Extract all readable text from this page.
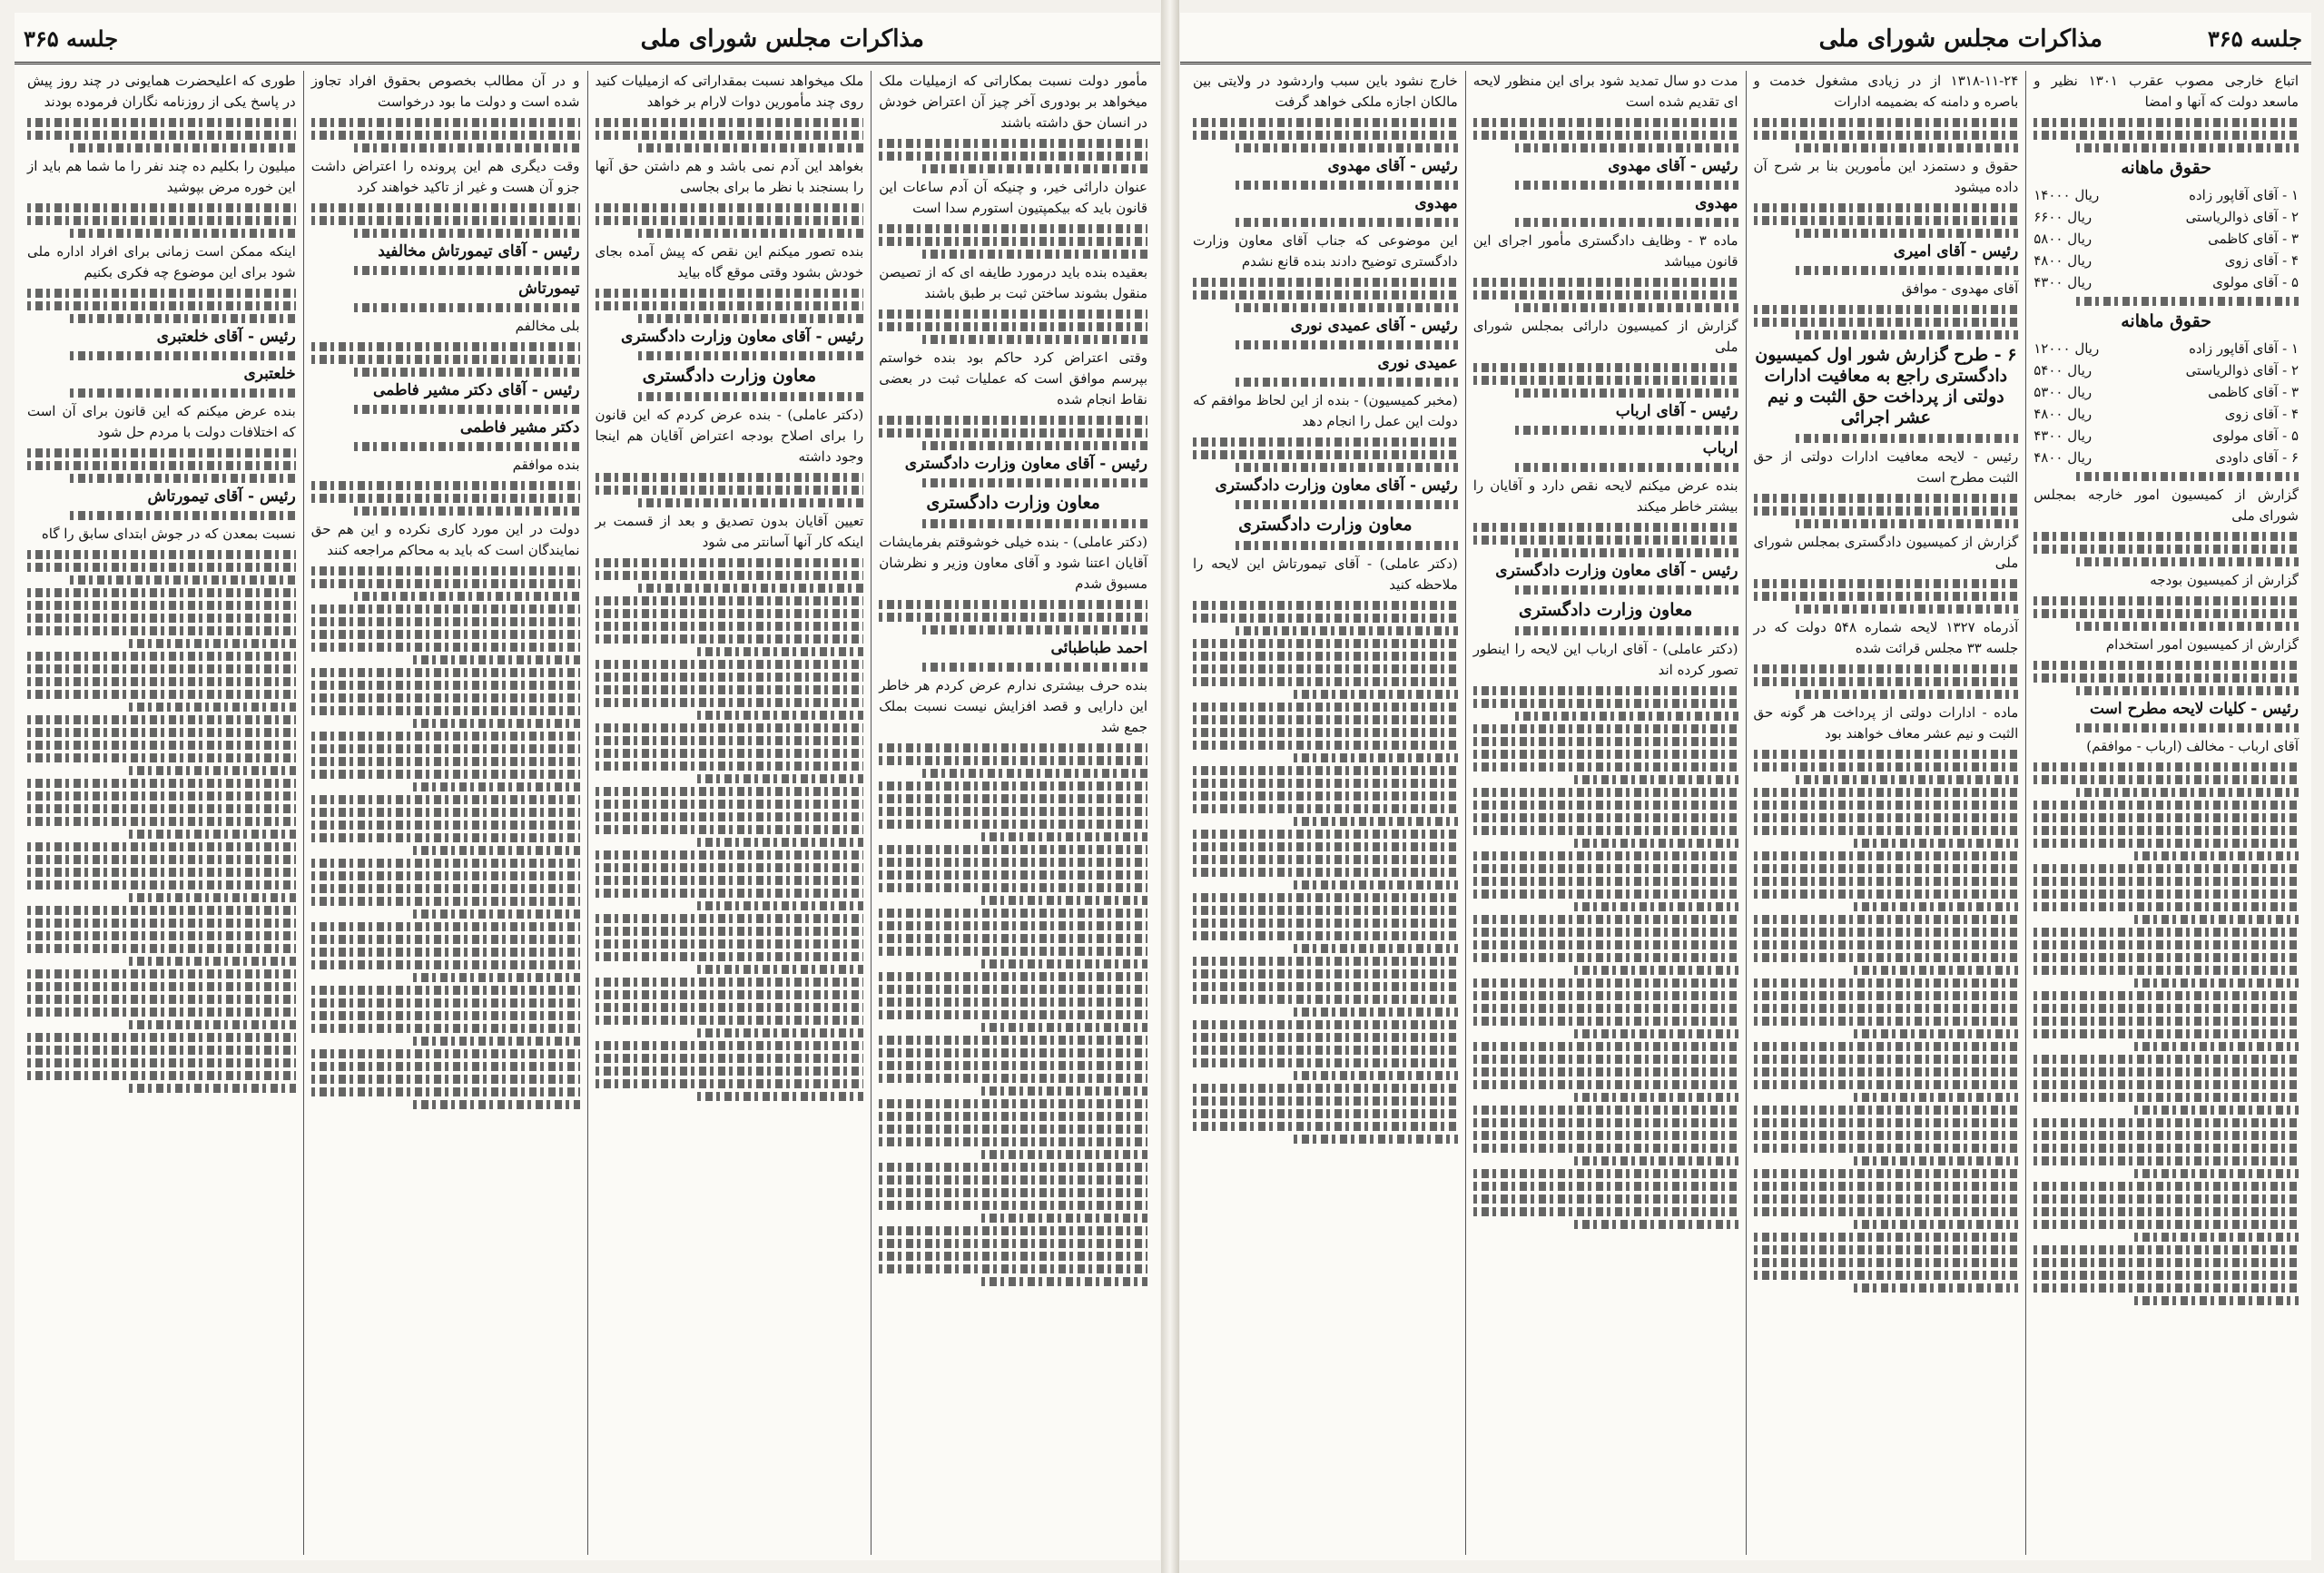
مذاکرات مجلس شورای ملی
جلسه ۳۶۵

مأمور دولت نسبت بمکاراتی که ازمیلیات ملک میخواهد بر بودوری آخر چیز آن اعتراض خودش در انسان حق داشته باشند

عنوان دارائی خیر، و چنیکه آن آدم ساعات این قانون باید که بیکمپتیون استورم سدا است

بعقیده بنده باید درمورد طایفه ای که از تصیصن منقول بشوند ساختن ثبت بر طبق باشند

وقتی اعتراض کرد حاکم بود بنده خواستم بپرسم موافق است که عملیات ثبت در بعضی نقاط انجام شده

رئیس - آقای معاون وزارت دادگستری
معاون وزارت دادگستری

(دکتر عاملی) - بنده خیلی خوشوقتم بفرمایشات آقایان اعتنا شود و آقای معاون وزیر و نظرشان مسبوق شدم

احمد طباطبائی

بنده حرف بیشتری ندارم عرض کردم هر خاطر این دارایی و قصد افزایش نیست نسبت بملک جمع شد

ملک میخواهد نسبت بمقداراتی که ازمیلیات کنید روی چند مأمورین دوات لارام بر خواهد

بغواهد این آدم نمی باشد و هم داشتن حق آنها را بسنجند با نظر ما برای بجاسی

بنده تصور میکنم این نقص که پیش آمده بجای خودش بشود وقتی موقع گاه بیاید

رئیس - آقای معاون وزارت دادگستری
معاون وزارت دادگستری

(دکتر عاملی) - بنده عرض کردم که این قانون را برای اصلاح بودجه اعتراض آقایان هم اینجا وجود داشته

تعیین آقایان بدون تصدیق و بعد از قسمت بر اینکه کار آنها آسانتر می شود

و در آن مطالب بخصوص بحقوق افراد تجاوز شده است و دولت ما بود درخواست

وقت دیگری هم این پرونده را اعتراض داشت جزو آن هست و غیر از تاکید خواهند کرد

رئیس - آقای تیمورتاش مخالفید
تیمورتاش

بلی مخالفم

رئیس - آقای دکتر مشیر فاطمی
دکتر مشیر فاطمی

بنده موافقم

دولت در این مورد کاری نکرده و این هم حق نمایندگان است که باید به محاکم مراجعه کنند

طوری که اعلیحضرت همایونی در چند روز پیش در پاسخ یکی از روزنامه نگاران فرموده بودند

میلیون را بکلیم ده چند نفر را ما شما هم باید از این خوره مرض بپوشید

اینکه ممکن است زمانی برای افراد اداره ملی شود برای این موضوع چه فکری بکنیم

رئیس - آقای خلعتبری
خلعتبری

بنده عرض میکنم که این قانون برای آن است که اختلافات دولت با مردم حل شود

رئیس - آقای تیمورتاش

نسبت بمعدن که در جوش ابتدای سابق را گاه

مذاکرات مجلس شورای ملی	جلسه ۳۶۵

اتباع خارجی مصوب عقرب ۱۳۰۱ نظیر و ماسعد دولت که آنها و امضا

حقوق ماهانه
۱ - آقای آقاپور زاده
۱۴۰۰۰ ریال
۲ - آقای ذوالریاستی
۶۶۰۰ ریال
۳ - آقای کاظمی
۵۸۰۰ ریال
۴ - آقای زوی
۴۸۰۰ ریال
۵ - آقای مولوی
۴۳۰۰ ریال
حقوق ماهانه
۱ - آقای آقاپور زاده
۱۲۰۰۰ ریال
۲ - آقای ذوالریاستی
۵۴۰۰ ریال
۳ - آقای کاظمی
۵۳۰۰ ریال
۴ - آقای زوی
۴۸۰۰ ریال
۵ - آقای مولوی
۴۳۰۰ ریال
۶ - آقای داودی
۴۸۰۰ ریال

گزارش از کمیسیون امور خارجه بمجلس شورای ملی

گزارش از کمیسیون بودجه

گزارش از کمیسیون امور استخدام

رئیس - کلیات لایحه مطرح است

آقای ارباب - مخالف (ارباب - موافقم)

۱۳۱۸-۱۱-۲۴ از در زیادی مشغول خدمت و باصره و دامنه که بضمیمه ادارات

حقوق و دستمزد این مأمورین بنا بر شرح آن داده میشود

رئیس - آقای امیری

آقای مهدوی - موافق

۶ - طرح گزارش شور اول کمیسیون دادگستری راجع به معافیت ادارات دولتی از پرداخت حق الثبت و نیم عشر اجرائی

رئیس - لایحه معافیت ادارات دولتی از حق الثبت مطرح است

گزارش از کمیسیون دادگستری بمجلس شورای ملی

آذرماه ۱۳۲۷ لایحه شماره ۵۴۸ دولت که در جلسه ۳۳ مجلس قرائت شده

ماده - ادارات دولتی از پرداخت هر گونه حق الثبت و نیم عشر معاف خواهند بود

مدت دو سال تمدید شود برای این منظور لایحه ای تقدیم شده است

رئیس - آقای مهدوی
مهدوی

ماده ۳ - وظایف دادگستری مأمور اجرای این قانون میباشد

گزارش از کمیسیون دارائی بمجلس شورای ملی

رئیس - آقای ارباب
ارباب

بنده عرض میکنم لایحه نقص دارد و آقایان را بیشتر خاطر میکند

رئیس - آقای معاون وزارت دادگستری
معاون وزارت دادگستری

(دکتر عاملی) - آقای ارباب این لایحه را اینطور تصور کرده اند

خارج نشود باین سبب واردشود در ولایتی بین مالکان اجازه ملکی خواهد گرفت

رئیس - آقای مهدوی
مهدوی

این موضوعی که جناب آقای معاون وزارت دادگستری توضیح دادند بنده قانع نشدم

رئیس - آقای عمیدی نوری
عمیدی نوری

(مخبر کمیسیون) - بنده از این لحاظ موافقم که دولت این عمل را انجام دهد

رئیس - آقای معاون وزارت دادگستری
معاون وزارت دادگستری

(دکتر عاملی) - آقای تیمورتاش این لایحه را ملاحظه کنید
